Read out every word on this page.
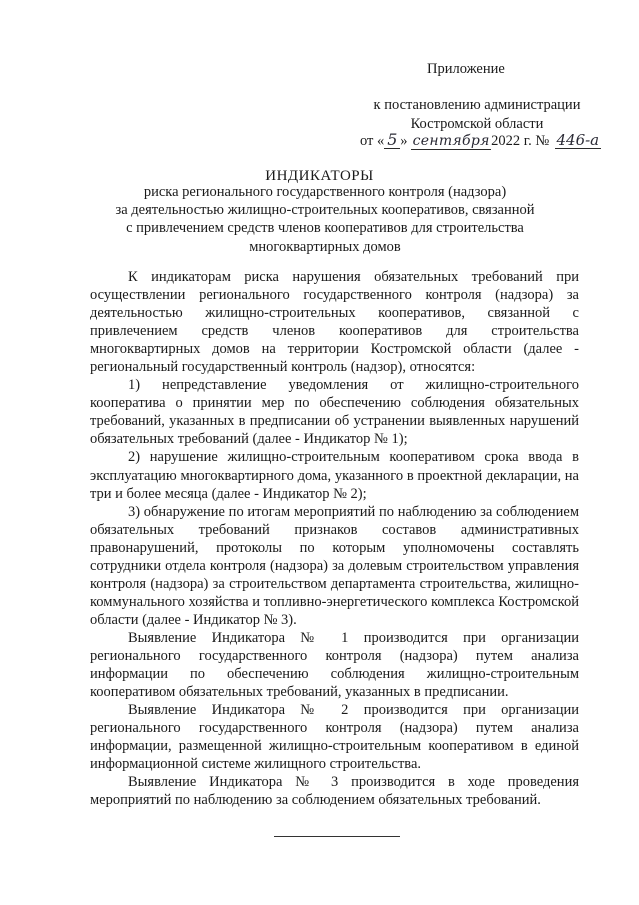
Приложение
к постановлению администрации
Костромской области
от « 5 » сентября2022 г. № 446-а
ИНДИКАТОРЫ
риска регионального государственного контроля (надзора)
за деятельностью жилищно-строительных кооперативов, связанной
с привлечением средств членов кооперативов для строительства
многоквартирных домов

К индикаторам риска нарушения обязательных требований при осуществлении регионального государственного контроля (надзора) за деятельностью жилищно-строительных кооперативов, связанной с привлечением средств членов кооперативов для строительства многоквартирных домов на территории Костромской области (далее - региональный государственный контроль (надзор), относятся:

1) непредставление уведомления от жилищно-строительного кооператива о принятии мер по обеспечению соблюдения обязательных требований, указанных в предписании об устранении выявленных нарушений обязательных требований (далее - Индикатор № 1);

2) нарушение жилищно-строительным кооперативом срока ввода в эксплуатацию многоквартирного дома, указанного в проектной декларации, на три и более месяца (далее - Индикатор № 2);

3) обнаружение по итогам мероприятий по наблюдению за соблюдением обязательных требований признаков составов административных правонарушений, протоколы по которым уполномочены составлять сотрудники отдела контроля (надзора) за долевым строительством управления контроля (надзора) за строительством департамента строительства, жилищно-коммунального хозяйства и топливно-энергетического комплекса Костромской области (далее - Индикатор № 3).

Выявление Индикатора № 1 производится при организации регионального государственного контроля (надзора) путем анализа информации по обеспечению соблюдения жилищно-строительным кооперативом обязательных требований, указанных в предписании.

Выявление Индикатора № 2 производится при организации регионального государственного контроля (надзора) путем анализа информации, размещенной жилищно-строительным кооперативом в единой информационной системе жилищного строительства.

Выявление Индикатора № 3 производится в ходе проведения мероприятий по наблюдению за соблюдением обязательных требований.
